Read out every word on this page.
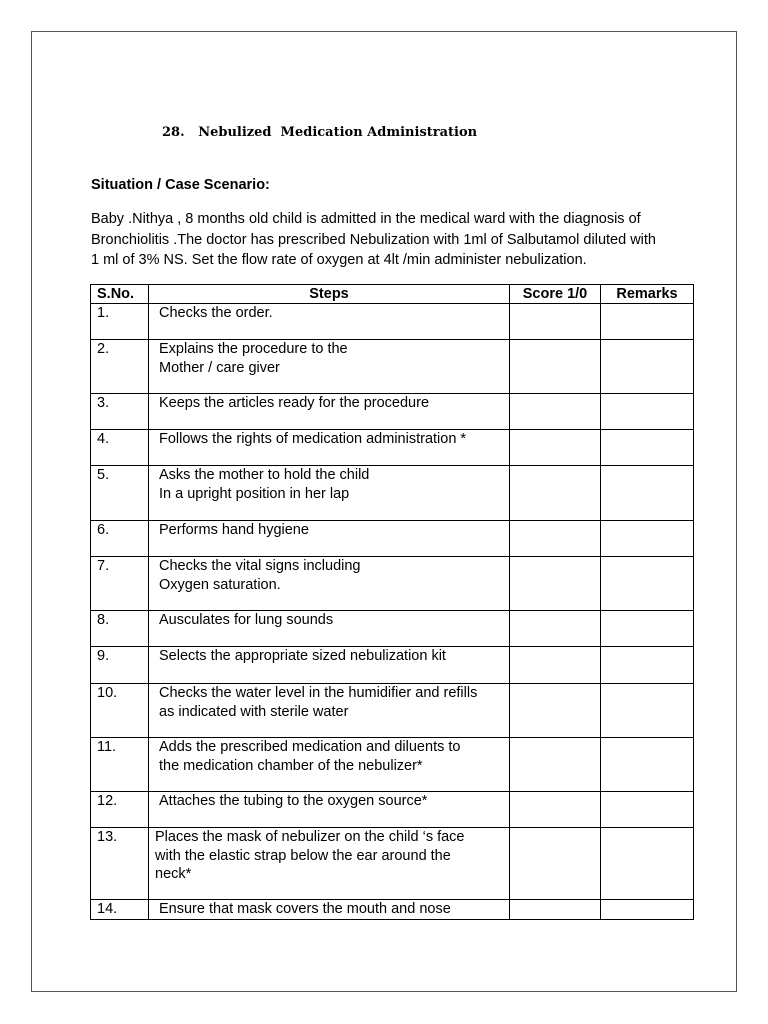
28.   Nebulized  Medication Administration
Situation / Case Scenario:
Baby .Nithya , 8 months old child is admitted in the medical ward with the diagnosis of
Bronchiolitis .The doctor has prescribed Nebulization with 1ml of Salbutamol diluted with
1 ml of 3% NS. Set the flow rate of oxygen at 4lt /min administer nebulization.
S.No.	Steps	Score 1/0	Remarks
1.	Checks the order.		

2.	Explains the procedure to the
Mother / care giver		

3.	Keeps the articles ready for the procedure		

4.	Follows the rights of medication administration *		

5.	Asks the mother to hold the child
In a upright position in her lap		

6.	Performs hand hygiene		

7.	Checks the vital signs including
Oxygen saturation.		

8.	Ausculates for lung sounds		

9.	Selects the appropriate sized nebulization kit		

10.	Checks the water level in the humidifier and refills
as indicated with sterile water		

11.	Adds the prescribed medication and diluents to
the medication chamber of the nebulizer*		

12.	Attaches the tubing to the oxygen source*		

13.	Places the mask of nebulizer on the child ‘s face
with the elastic strap below the ear around the
neck*		

14.	Ensure that mask covers the mouth and nose		
